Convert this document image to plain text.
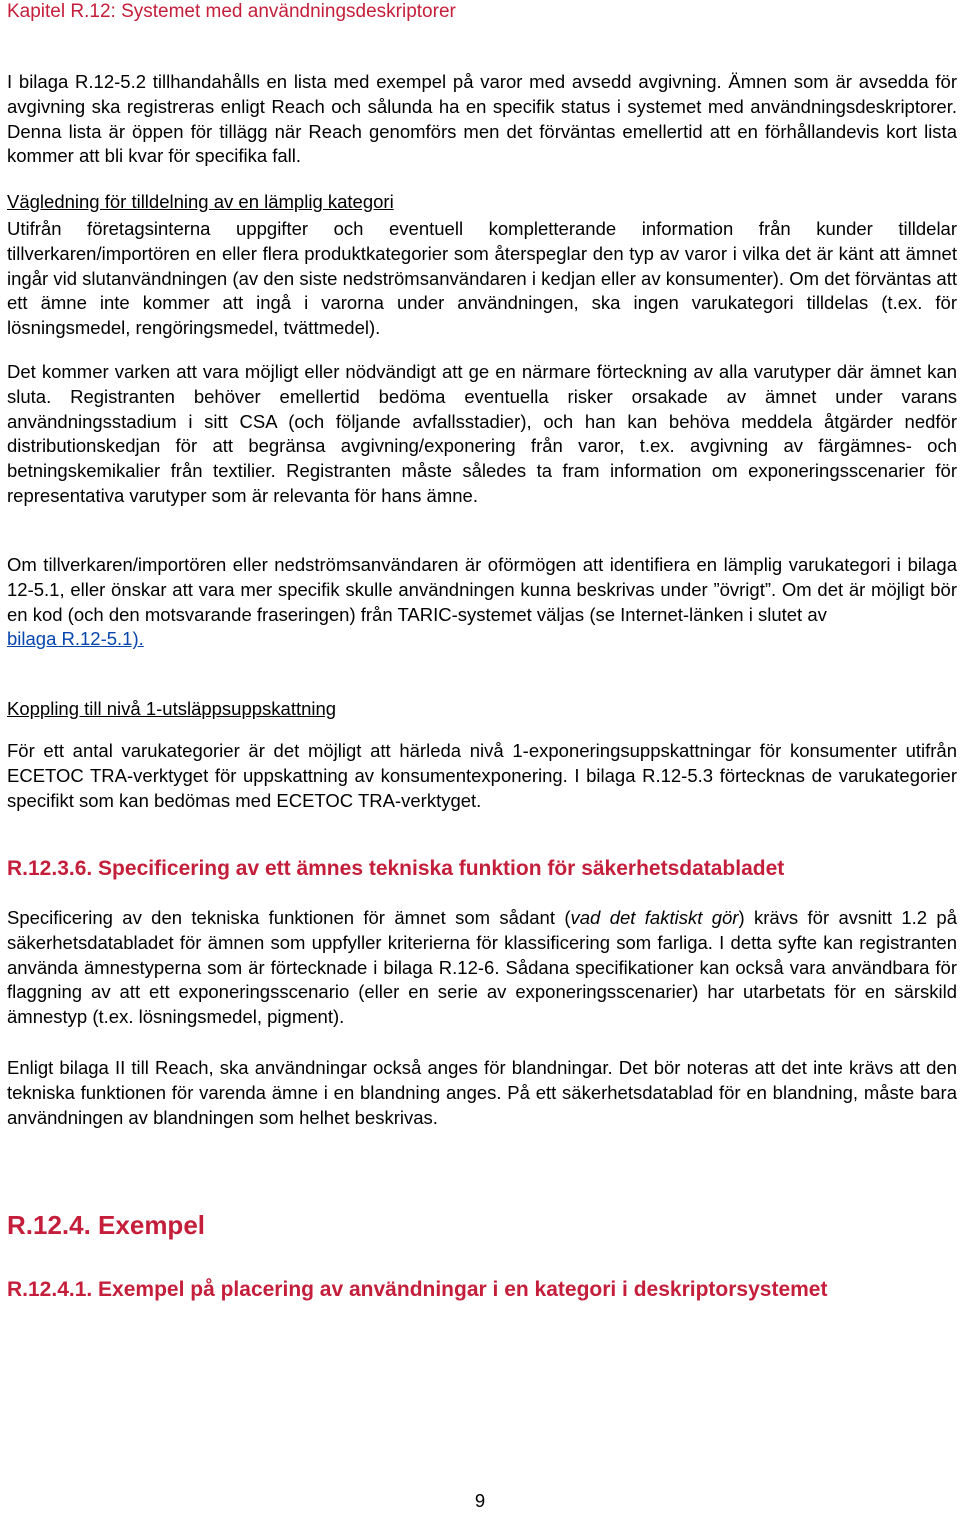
Kapitel R.12: Systemet med användningsdeskriptorer
I bilaga R.12-5.2 tillhandahålls en lista med exempel på varor med avsedd avgivning. Ämnen som är avsedda för avgivning ska registreras enligt Reach och sålunda ha en specifik status i systemet med användningsdeskriptorer. Denna lista är öppen för tillägg när Reach genomförs men det förväntas emellertid att en förhållandevis kort lista kommer att bli kvar för specifika fall.
Vägledning för tilldelning av en lämplig kategori
Utifrån företagsinterna uppgifter och eventuell kompletterande information från kunder tilldelar tillverkaren/importören en eller flera produktkategorier som återspeglar den typ av varor i vilka det är känt att ämnet ingår vid slutanvändningen (av den siste nedströmsanvändaren i kedjan eller av konsumenter). Om det förväntas att ett ämne inte kommer att ingå i varorna under användningen, ska ingen varukategori tilldelas (t.ex. för lösningsmedel, rengöringsmedel, tvättmedel).
Det kommer varken att vara möjligt eller nödvändigt att ge en närmare förteckning av alla varutyper där ämnet kan sluta. Registranten behöver emellertid bedöma eventuella risker orsakade av ämnet under varans användningsstadium i sitt CSA (och följande avfallsstadier), och han kan behöva meddela åtgärder nedför distributionskedjan för att begränsa avgivning/exponering från varor, t.ex. avgivning av färgämnes- och betningskemikalier från textilier. Registranten måste således ta fram information om exponeringsscenarier för representativa varutyper som är relevanta för hans ämne.
Om tillverkaren/importören eller nedströmsanvändaren är oförmögen att identifiera en lämplig varukategori i bilaga 12-5.1, eller önskar att vara mer specifik skulle användningen kunna beskrivas under ”övrigt”. Om det är möjligt bör en kod (och den motsvarande fraseringen) från TARIC-systemet väljas (se Internet-länken i slutet av
bilaga R.12-5.1).
Koppling till nivå 1-utsläppsuppskattning
För ett antal varukategorier är det möjligt att härleda nivå 1-exponeringsuppskattningar för konsumenter utifrån ECETOC TRA-verktyget för uppskattning av konsumentexponering. I bilaga R.12-5.3 förtecknas de varukategorier specifikt som kan bedömas med ECETOC TRA-verktyget.
R.12.3.6. Specificering av ett ämnes tekniska funktion för säkerhetsdatabladet
Specificering av den tekniska funktionen för ämnet som sådant (vad det faktiskt gör) krävs för avsnitt 1.2 på säkerhetsdatabladet för ämnen som uppfyller kriterierna för klassificering som farliga. I detta syfte kan registranten använda ämnestyperna som är förtecknade i bilaga R.12-6. Sådana specifikationer kan också vara användbara för flaggning av att ett exponeringsscenario (eller en serie av exponeringsscenarier) har utarbetats för en särskild ämnestyp (t.ex. lösningsmedel, pigment).
Enligt bilaga II till Reach, ska användningar också anges för blandningar. Det bör noteras att det inte krävs att den tekniska funktionen för varenda ämne i en blandning anges. På ett säkerhetsdatablad för en blandning, måste bara användningen av blandningen som helhet beskrivas.
R.12.4. Exempel
R.12.4.1. Exempel på placering av användningar i en kategori i deskriptorsystemet
9
